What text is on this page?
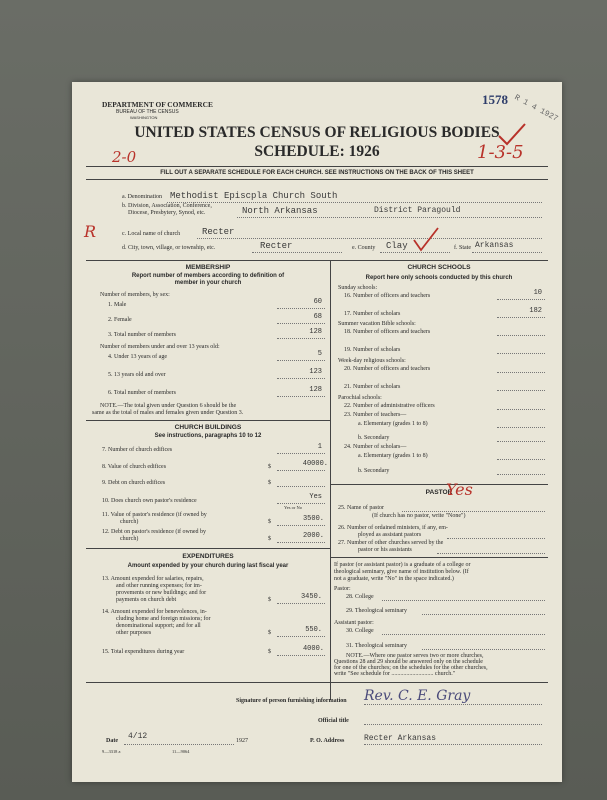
DEPARTMENT OF COMMERCE
BUREAU OF THE CENSUS
WASHINGTON
1578 R 1 4 1927
UNITED STATES CENSUS OF RELIGIOUS BODIES
SCHEDULE: 1926
2-0	1-3-5
FILL OUT A SEPARATE SCHEDULE FOR EACH CHURCH. SEE INSTRUCTIONS ON THE BACK OF THIS SHEET
a. Denomination Methodist Episcpla Church South
b. Division, Association, Conference,
Diocese, Presbytery, Synod, etc.	North Arkansas	District Paragould
R	c. Local name of church Recter
d. City, town, village, or township, etc.	Recter	e. County Clay	f. State Arkansas
MEMBERSHIP
Report number of members according to definition of
member in your church
Number of members, by sex:
1. Male	60
2. Female	68
3. Total number of members	128
Number of members under and over 13 years old:
4. Under 13 years of age	5
5. 13 years old and over	123
6. Total number of members	128
NOTE.—The total given under Question 6 should be the
same as the total of males and females given under Question 3.
CHURCH BUILDINGS
See instructions, paragraphs 10 to 12
7. Number of church edifices	1
8. Value of church edifices	$	40000.
9. Debt on church edifices	$
10. Does church own pastor's residence	Yes
Yes or No
11. Value of pastor's residence (if owned by
church)	$	3500.
12. Debt on pastor's residence (if owned by
church)	$	2000.
EXPENDITURES
Amount expended by your church during last fiscal year
13. Amount expended for salaries, repairs,
and other running expenses; for im-
provements or new buildings; and for
payments on church debt	$	3450.
14. Amount expended for benevolences, in-
cluding home and foreign missions; for
denominational support; and for all
other purposes	$	550.
15. Total expenditures during year	$	4000.
CHURCH SCHOOLS
Report here only schools conducted by this church
Sunday schools:
16. Number of officers and teachers	10
17. Number of scholars	182
Summer vacation Bible schools:
18. Number of officers and teachers
19. Number of scholars
Week-day religious schools:
20. Number of officers and teachers
21. Number of scholars
Parochial schools:
22. Number of administrative officers
23. Number of teachers—
a. Elementary (grades 1 to 8)
b. Secondary
24. Number of scholars—
a. Elementary (grades 1 to 8)
b. Secondary
PASTOR
Yes
25. Name of pastor
(If church has no pastor, write "None")
26. Number of ordained ministers, if any, em-
ployed as assistant pastors
27. Number of other churches served by the
pastor or his assistants
If pastor (or assistant pastor) is a graduate of a college or
theological seminary, give name of institution below. (If
not a graduate, write "No" in the space indicated.)
Pastor:
28. College
29. Theological seminary
Assistant pastor:
30. College
31. Theological seminary
NOTE.—Where one pastor serves two or more churches,
Questions 28 and 29 should be answered only on the schedule
for one of the churches; on the schedules for the other churches,
write "See schedule for ............................ church."
Signature of person furnishing information Rev. C. E. Gray
Official title
Date 4/12	1927	P. O. Address Recter Arkansas
9—3318 a	11—9064
